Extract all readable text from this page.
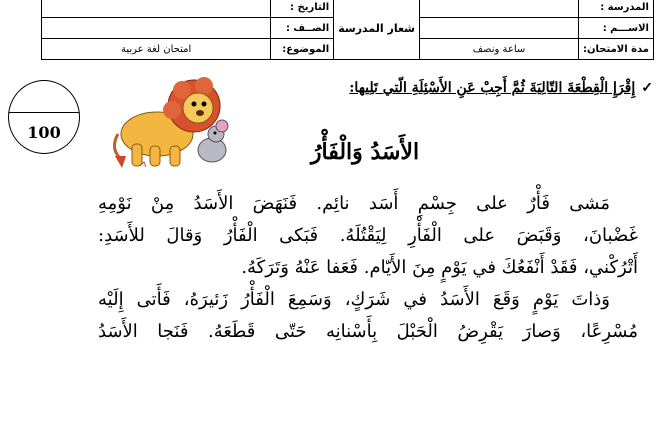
المدرسة :		شعار المدرسة	التاريخ :	
الاســـم :			الصــف :	
مدة الامتحان:	ساعة ونصف		الموضوع:	امتحان لغة عربية
100
✓إِقْرَإِ الْقِطْعَةَ التّالِيَةَ ثُمَّ أَجِبْ عَنِ الأَسْئِلَةِ الّتي تَلِيها:
الأَسَدُ وَالْفَأْرُ

مَشى فَأْرٌ على جِسْمِ أَسَد نائِم. فَنَهَضَ الأَسَدُ مِنْ نَوْمِهِ

غَضْبانَ، وَقَبَضَ على الْفَأْرِ لِيَقْتُلَهُ. فَبَكى الْفَأْرُ وَقالَ للأَسَدِ:

أَتْرُكْني، فَقَدْ أَنْفَعُكَ في يَوْمٍ مِنَ الأَيّام. فَعَفا عَنْهُ وَتَرَكَهُ.

وَذاتَ يَوْمٍ وَقَعَ الأَسَدُ في شَرَكٍ، وَسَمِعَ الْفَأْرُ زَئيرَهُ، فَأَتى إِلَيْه

مُسْرِعًا، وَصارَ يَقْرِضُ الْحَبْلَ بِأَسْنانِه حَتّى قَطَعَهُ. فَنَجا الأَسَدُ
